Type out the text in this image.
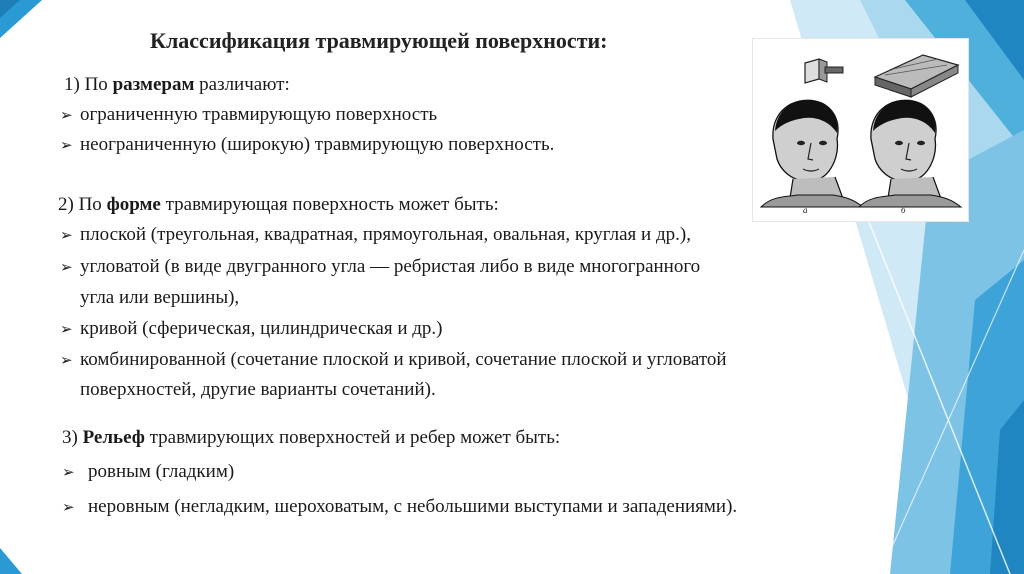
Классификация травмирующей поверхности:
1) По размерам различают:
➢ ограниченную травмирующую поверхность
➢ неограниченную (широкую) травмирующую поверхность.
2) По форме травмирующая поверхность может быть:
➢ плоской (треугольная, квадратная, прямоугольная, овальная, круглая и др.),
➢ угловатой (в виде двугранного угла — ребристая либо в виде многогранного
угла или вершины),
➢ кривой (сферическая, цилиндрическая и др.)
➢ комбинированной (сочетание плоской и кривой, сочетание плоской и угловатой
поверхностей, другие варианты сочетаний).
3) Рельеф травмирующих поверхностей и ребер может быть:
➢ ровным (гладким)
➢ неровным (негладким, шероховатым, с небольшими выступами и западениями).
а	б
